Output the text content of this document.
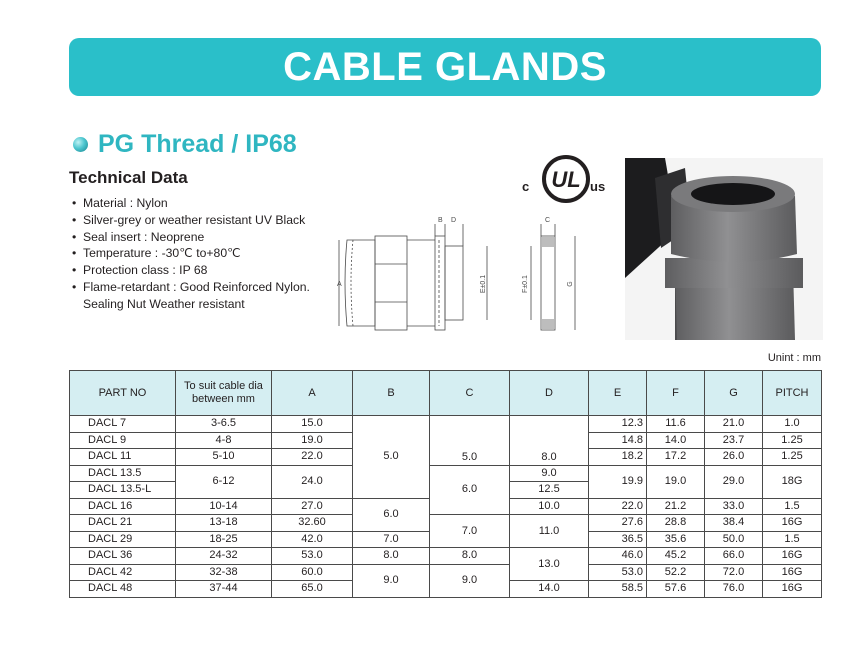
CABLE GLANDS
PG Thread / IP68
Technical Data
• Material : Nylon
• Silver-grey or weather resistant UV Black
• Seal insert : Neoprene
• Temperature : -30℃ to+80℃
• Protection class : IP 68
• Flame-retardant : Good Reinforced Nylon.
Sealing Nut Weather resistant
A
B D
E±0.1
C
F±0.1	G
UL
c	us
Unint : mm
PART NO	To suit cable dia between mm	A	B	C	D	E	F	G	PITCH
DACL 7	3-6.5	15.0	5.0	5.0	8.0	12.3	11.6	21.0	1.0
DACL 9	4-8	19.0				14.8	14.0	23.7	1.25
DACL 11	5-10	22.0				18.2	17.2	26.0	1.25
DACL 13.5	6-12	24.0		6.0	9.0	19.9	19.0	29.0	18G
DACL 13.5-L					12.5				
DACL 16	10-14	27.0	6.0		10.0	22.0	21.2	33.0	1.5
DACL 21	13-18	32.60		7.0	11.0	27.6	28.8	38.4	16G
DACL 29	18-25	42.0	7.0			36.5	35.6	50.0	1.5
DACL 36	24-32	53.0	8.0	8.0	13.0	46.0	45.2	66.0	16G
DACL 42	32-38	60.0	9.0	9.0		53.0	52.2	72.0	16G
DACL 48	37-44	65.0			14.0	58.5	57.6	76.0	16G
